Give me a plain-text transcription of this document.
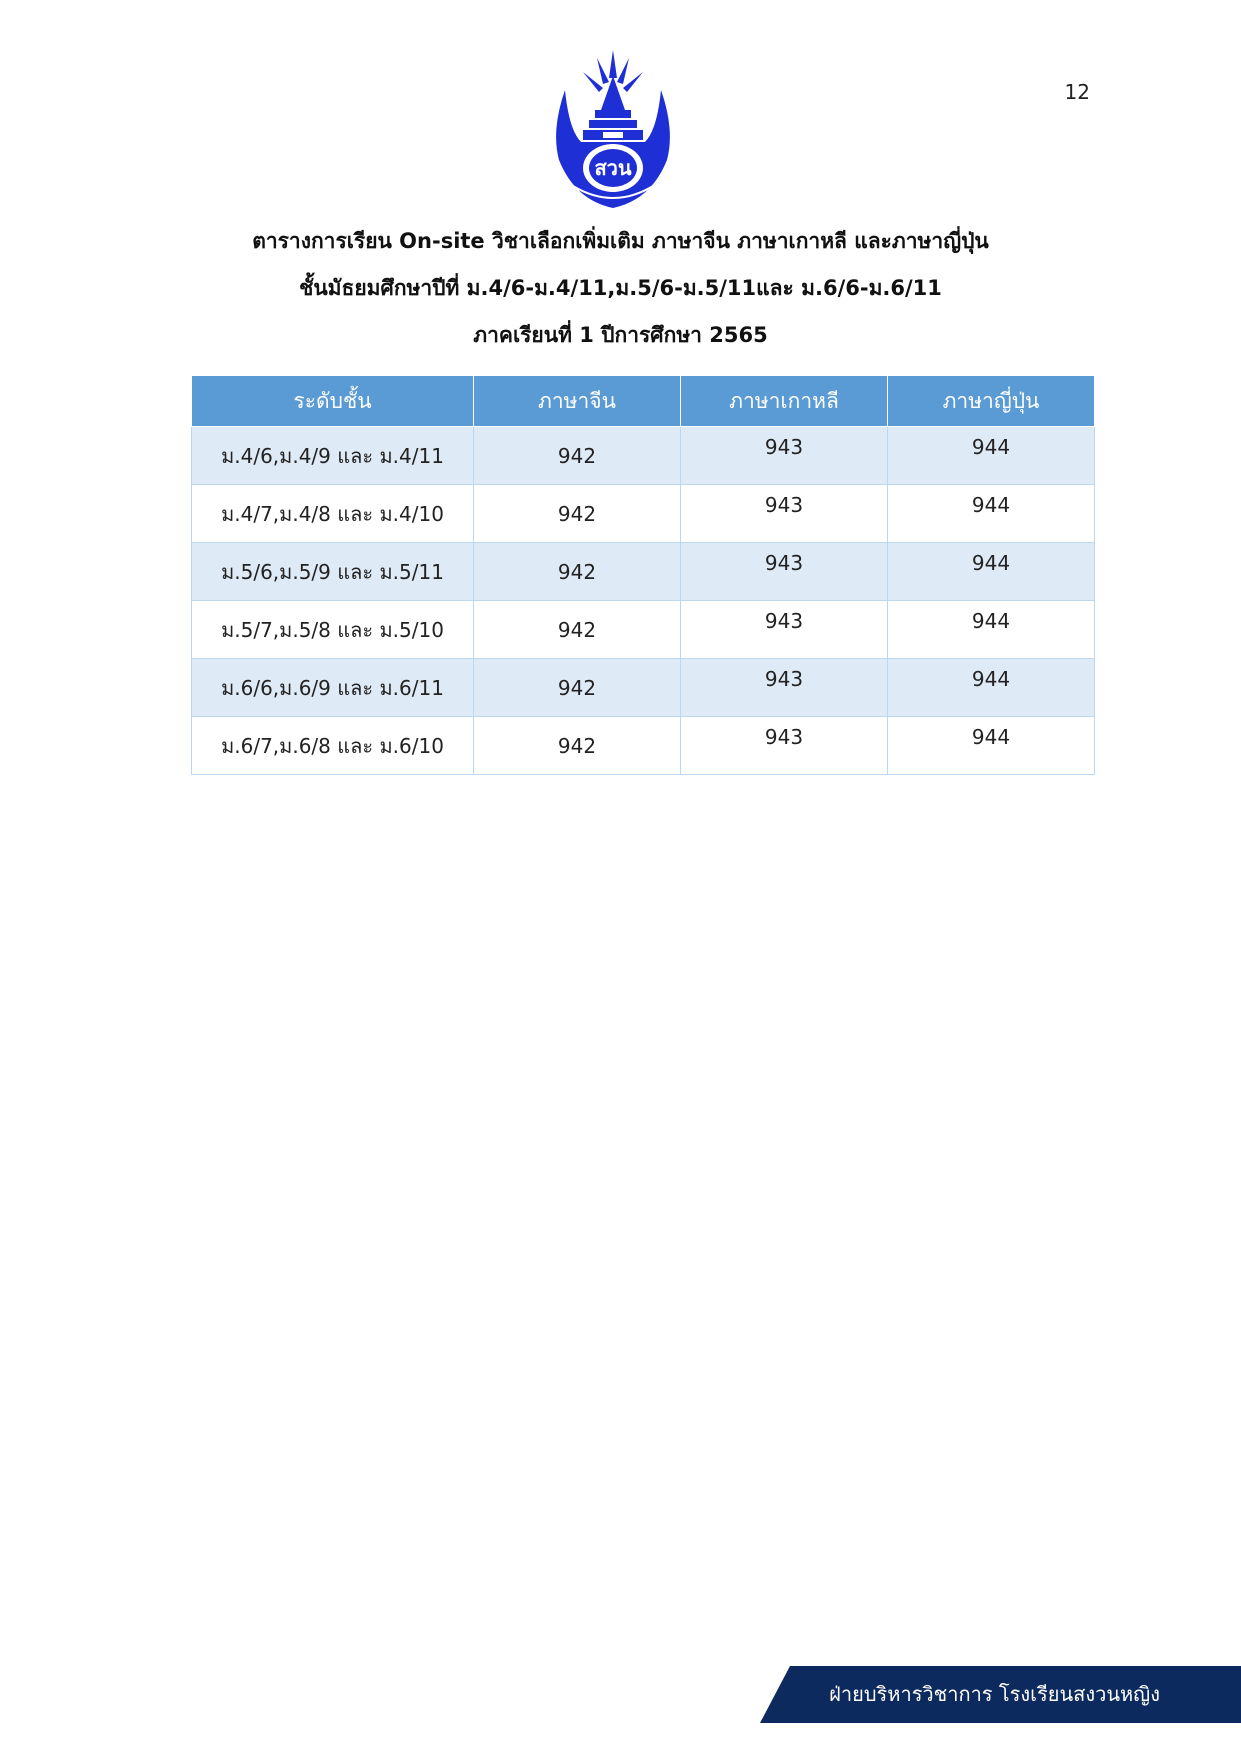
12
สวน
ตารางการเรียน On-site วิชาเลือกเพิ่มเติม ภาษาจีน ภาษาเกาหลี และภาษาญี่ปุ่น
ชั้นมัธยมศึกษาปีที่ ม.4/6-ม.4/11,ม.5/6-ม.5/11และ ม.6/6-ม.6/11
ภาคเรียนที่ 1 ปีการศึกษา 2565
ระดับชั้น	ภาษาจีน	ภาษาเกาหลี	ภาษาญี่ปุ่น
ม.4/6,ม.4/9 และ ม.4/11	942	943	944
ม.4/7,ม.4/8 และ ม.4/10	942	943	944
ม.5/6,ม.5/9 และ ม.5/11	942	943	944
ม.5/7,ม.5/8 และ ม.5/10	942	943	944
ม.6/6,ม.6/9 และ ม.6/11	942	943	944
ม.6/7,ม.6/8 และ ม.6/10	942	943	944
ฝ่ายบริหารวิชาการ โรงเรียนสงวนหญิง
